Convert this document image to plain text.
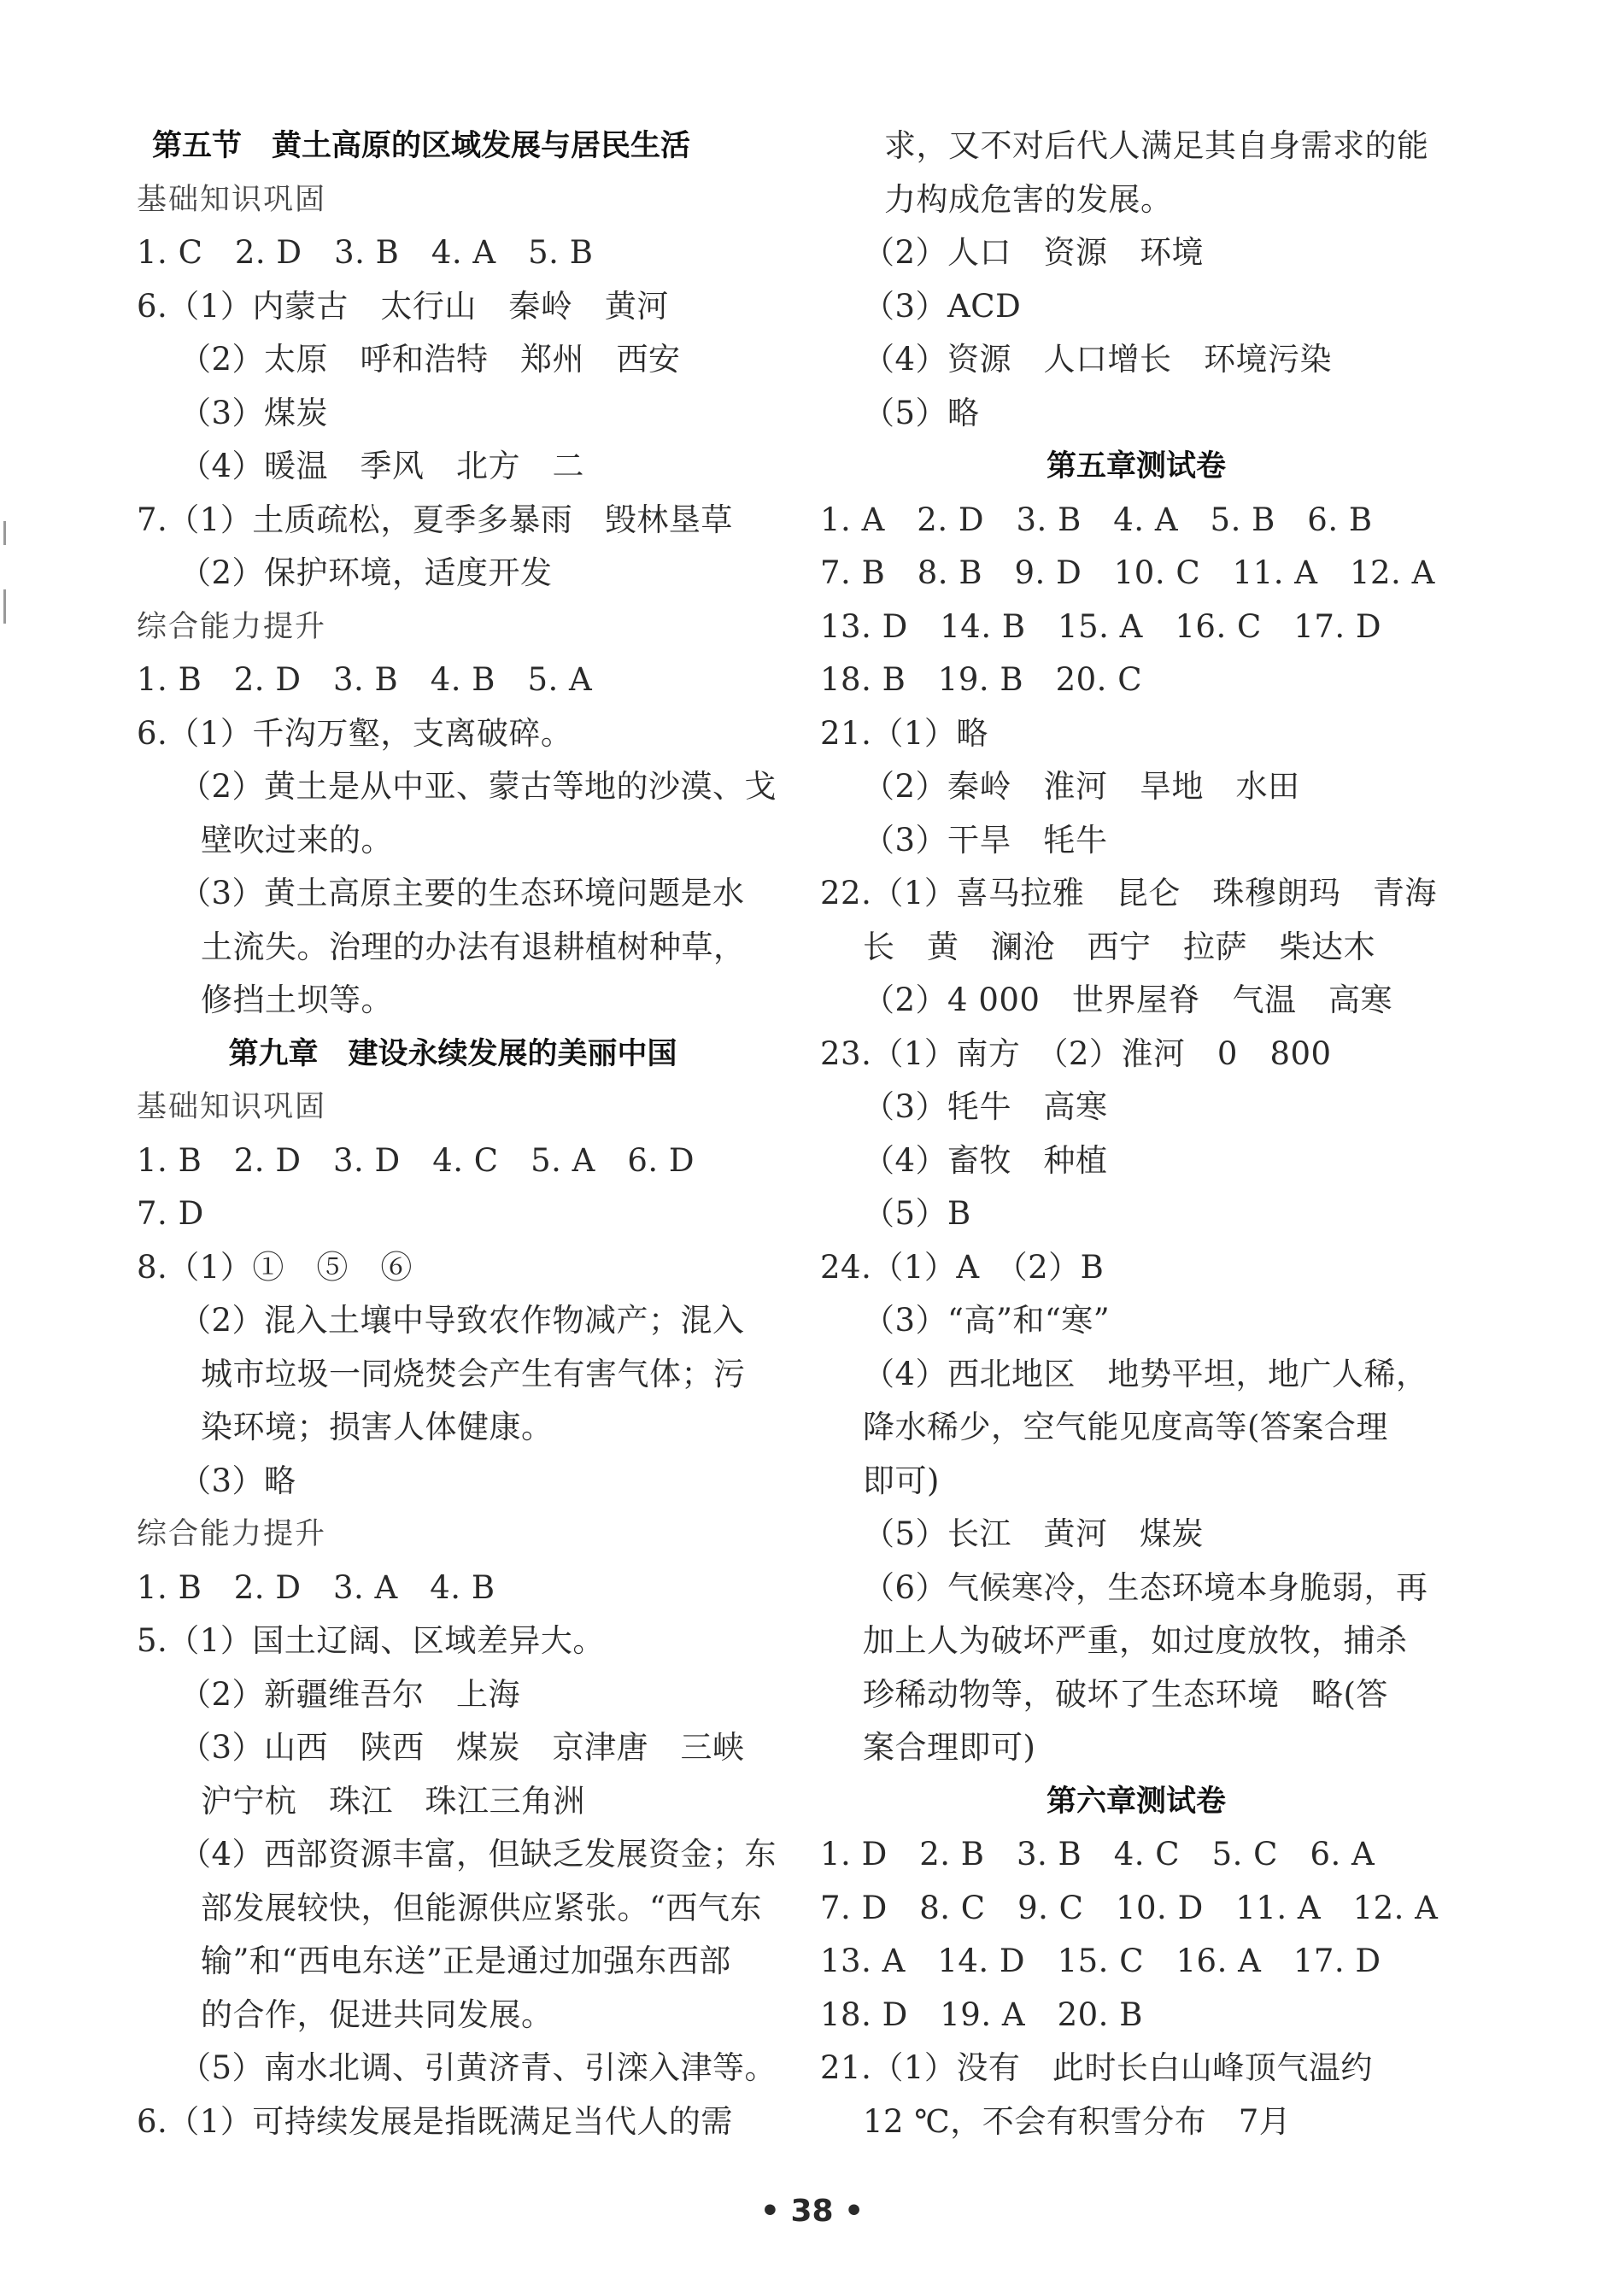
第五节　黄土高原的区域发展与居民生活
基础知识巩固
1. C　2. D　3. B　4. A　5. B
6.（1）内蒙古　太行山　秦岭　黄河
（2）太原　呼和浩特　郑州　西安
（3）煤炭
（4）暖温　季风　北方　二
7.（1）土质疏松，夏季多暴雨　毁林垦草
（2）保护环境，适度开发
综合能力提升
1. B　2. D　3. B　4. B　5. A
6.（1）千沟万壑，支离破碎。
（2）黄土是从中亚、蒙古等地的沙漠、戈
壁吹过来的。
（3）黄土高原主要的生态环境问题是水
土流失。治理的办法有退耕植树种草，
修挡土坝等。
第九章　建设永续发展的美丽中国
基础知识巩固
1. B　2. D　3. D　4. C　5. A　6. D
7. D
8.（1）①　⑤　⑥
（2）混入土壤中导致农作物减产；混入
城市垃圾一同烧焚会产生有害气体；污
染环境；损害人体健康。
（3）略
综合能力提升
1. B　2. D　3. A　4. B
5.（1）国土辽阔、区域差异大。
（2）新疆维吾尔　上海
（3）山西　陕西　煤炭　京津唐　三峡
沪宁杭　珠江　珠江三角洲
（4）西部资源丰富，但缺乏发展资金；东
部发展较快，但能源供应紧张。“西气东
输”和“西电东送”正是通过加强东西部
的合作，促进共同发展。
（5）南水北调、引黄济青、引滦入津等。
6.（1）可持续发展是指既满足当代人的需
求，又不对后代人满足其自身需求的能
力构成危害的发展。
（2）人口　资源　环境
（3）ACD
（4）资源　人口增长　环境污染
（5）略
第五章测试卷
1. A　2. D　3. B　4. A　5. B　6. B
7. B　8. B　9. D　10. C　11. A　12. A
13. D　14. B　15. A　16. C　17. D
18. B　19. B　20. C
21.（1）略
（2）秦岭　淮河　旱地　水田
（3）干旱　牦牛
22.（1）喜马拉雅　昆仑　珠穆朗玛　青海
长　黄　澜沧　西宁　拉萨　柴达木
（2）4 000　世界屋脊　气温　高寒
23.（1）南方　（2）淮河　0　800
（3）牦牛　高寒
（4）畜牧　种植
（5）B
24.（1）A　（2）B
（3）“高”和“寒”
（4）西北地区　地势平坦，地广人稀，
降水稀少，空气能见度高等(答案合理
即可)
（5）长江　黄河　煤炭
（6）气候寒冷，生态环境本身脆弱，再
加上人为破坏严重，如过度放牧，捕杀
珍稀动物等，破坏了生态环境　略(答
案合理即可)
第六章测试卷
1. D　2. B　3. B　4. C　5. C　6. A
7. D　8. C　9. C　10. D　11. A　12. A
13. A　14. D　15. C　16. A　17. D
18. D　19. A　20. B
21.（1）没有　此时长白山峰顶气温约
12 ℃，不会有积雪分布　7月
• 38 •
